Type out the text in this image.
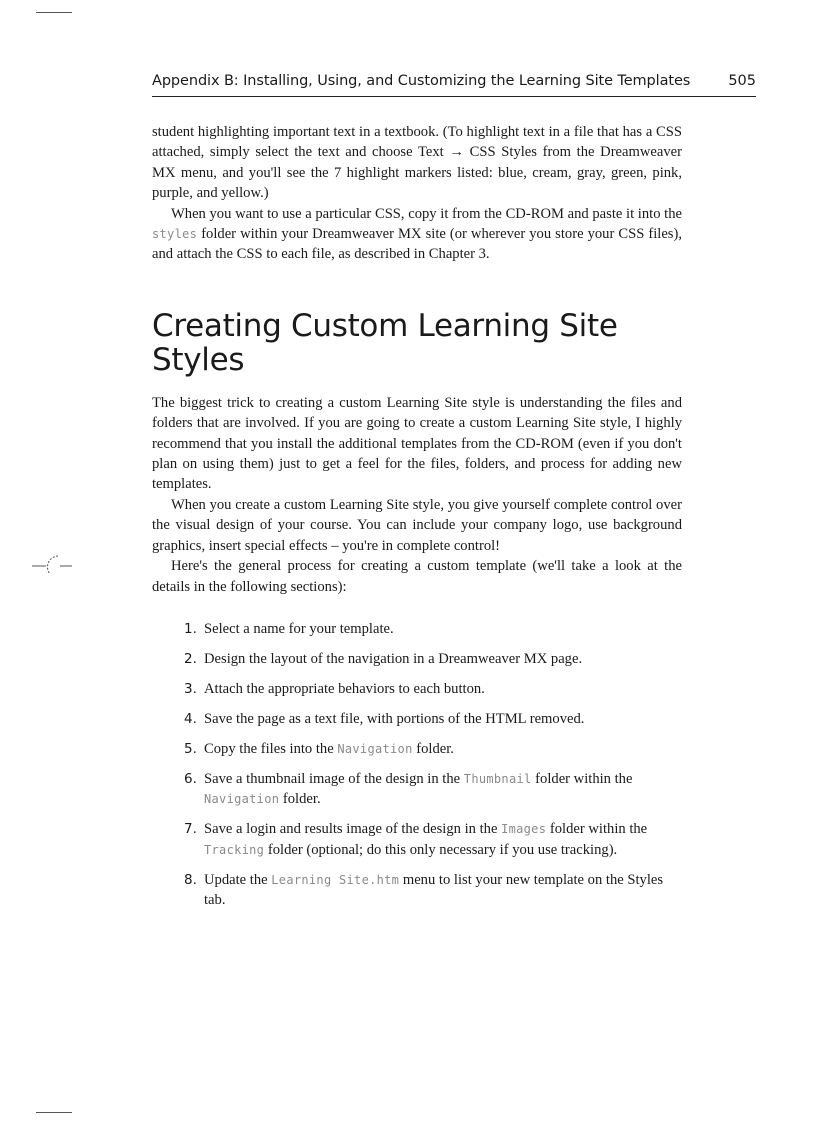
Appendix B: Installing, Using, and Customizing the Learning Site Templates	505

student highlighting important text in a textbook. (To highlight text in a file that has a CSS attached, simply select the text and choose Text → CSS Styles from the Dreamweaver MX menu, and you'll see the 7 highlight markers listed: blue, cream, gray, green, pink, purple, and yellow.)

When you want to use a particular CSS, copy it from the CD-ROM and paste it into the styles folder within your Dreamweaver MX site (or wherever you store your CSS files), and attach the CSS to each file, as described in Chapter 3.

Creating Custom Learning Site Styles

The biggest trick to creating a custom Learning Site style is understanding the files and folders that are involved. If you are going to create a custom Learning Site style, I highly recommend that you install the additional templates from the CD-ROM (even if you don't plan on using them) just to get a feel for the files, folders, and process for adding new templates.

When you create a custom Learning Site style, you give yourself complete control over the visual design of your course. You can include your company logo, use background graphics, insert special effects – you're in complete control!

Here's the general process for creating a custom template (we'll take a look at the details in the following sections):

1. Select a name for your template.
2. Design the layout of the navigation in a Dreamweaver MX page.
3. Attach the appropriate behaviors to each button.
4. Save the page as a text file, with portions of the HTML removed.
5. Copy the files into the Navigation folder.
6. Save a thumbnail image of the design in the Thumbnail folder within the Navigation folder.
7. Save a login and results image of the design in the Images folder within the Tracking folder (optional; do this only necessary if you use tracking).
8. Update the Learning Site.htm menu to list your new template on the Styles tab.
